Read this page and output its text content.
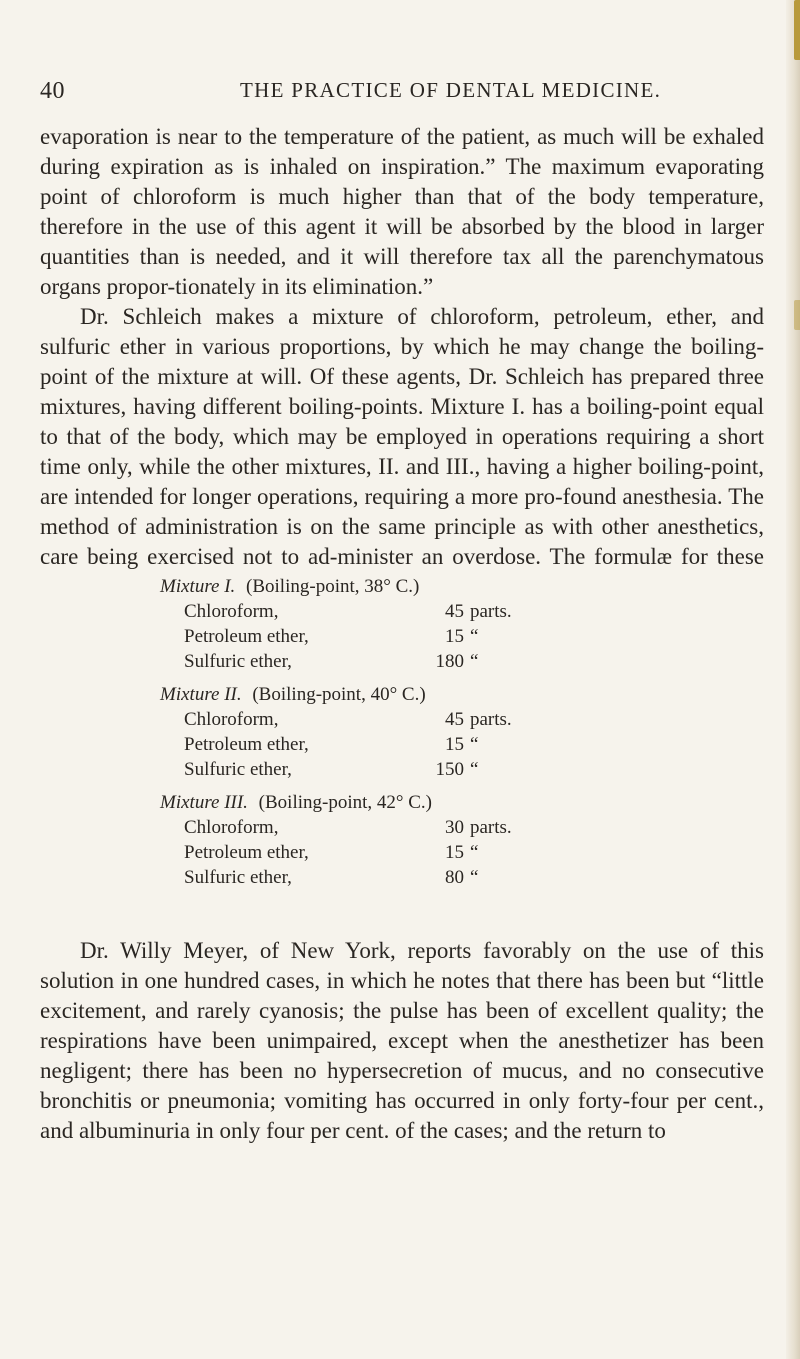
40	THE PRACTICE OF DENTAL MEDICINE.

evaporation is near to the temperature of the patient, as much will be exhaled during expiration as is inhaled on inspiration.” The maximum evaporating point of chloroform is much higher than that of the body temperature, therefore in the use of this agent it will be absorbed by the blood in larger quantities than is needed, and it will therefore tax all the parenchymatous organs propor-tionately in its elimination.”

Dr. Schleich makes a mixture of chloroform, petroleum, ether, and sulfuric ether in various proportions, by which he may change the boiling-point of the mixture at will. Of these agents, Dr. Schleich has prepared three mixtures, having different boiling-points. Mixture I. has a boiling-point equal to that of the body, which may be employed in operations requiring a short time only, while the other mixtures, II. and III., having a higher boiling-point, are intended for longer operations, requiring a more pro-found anesthesia. The method of administration is on the same principle as with other anesthetics, care being exercised not to ad-minister an overdose. The formulæ for these

Mixture I. (Boiling-point, 38° C.)
Chloroform,	45 parts.
Petroleum ether,	15 “
Sulfuric ether,	180 “
Mixture II. (Boiling-point, 40° C.)
Chloroform,	45 parts.
Petroleum ether,	15 “
Sulfuric ether,	150 “
Mixture III. (Boiling-point, 42° C.)
Chloroform,	30 parts.
Petroleum ether,	15 “
Sulfuric ether,	80 “

Dr. Willy Meyer, of New York, reports favorably on the use of this solution in one hundred cases, in which he notes that there has been but “little excitement, and rarely cyanosis; the pulse has been of excellent quality; the respirations have been unimpaired, except when the anesthetizer has been negligent; there has been no hypersecretion of mucus, and no consecutive bronchitis or pneumonia; vomiting has occurred in only forty-four per cent., and albuminuria in only four per cent. of the cases; and the return to
